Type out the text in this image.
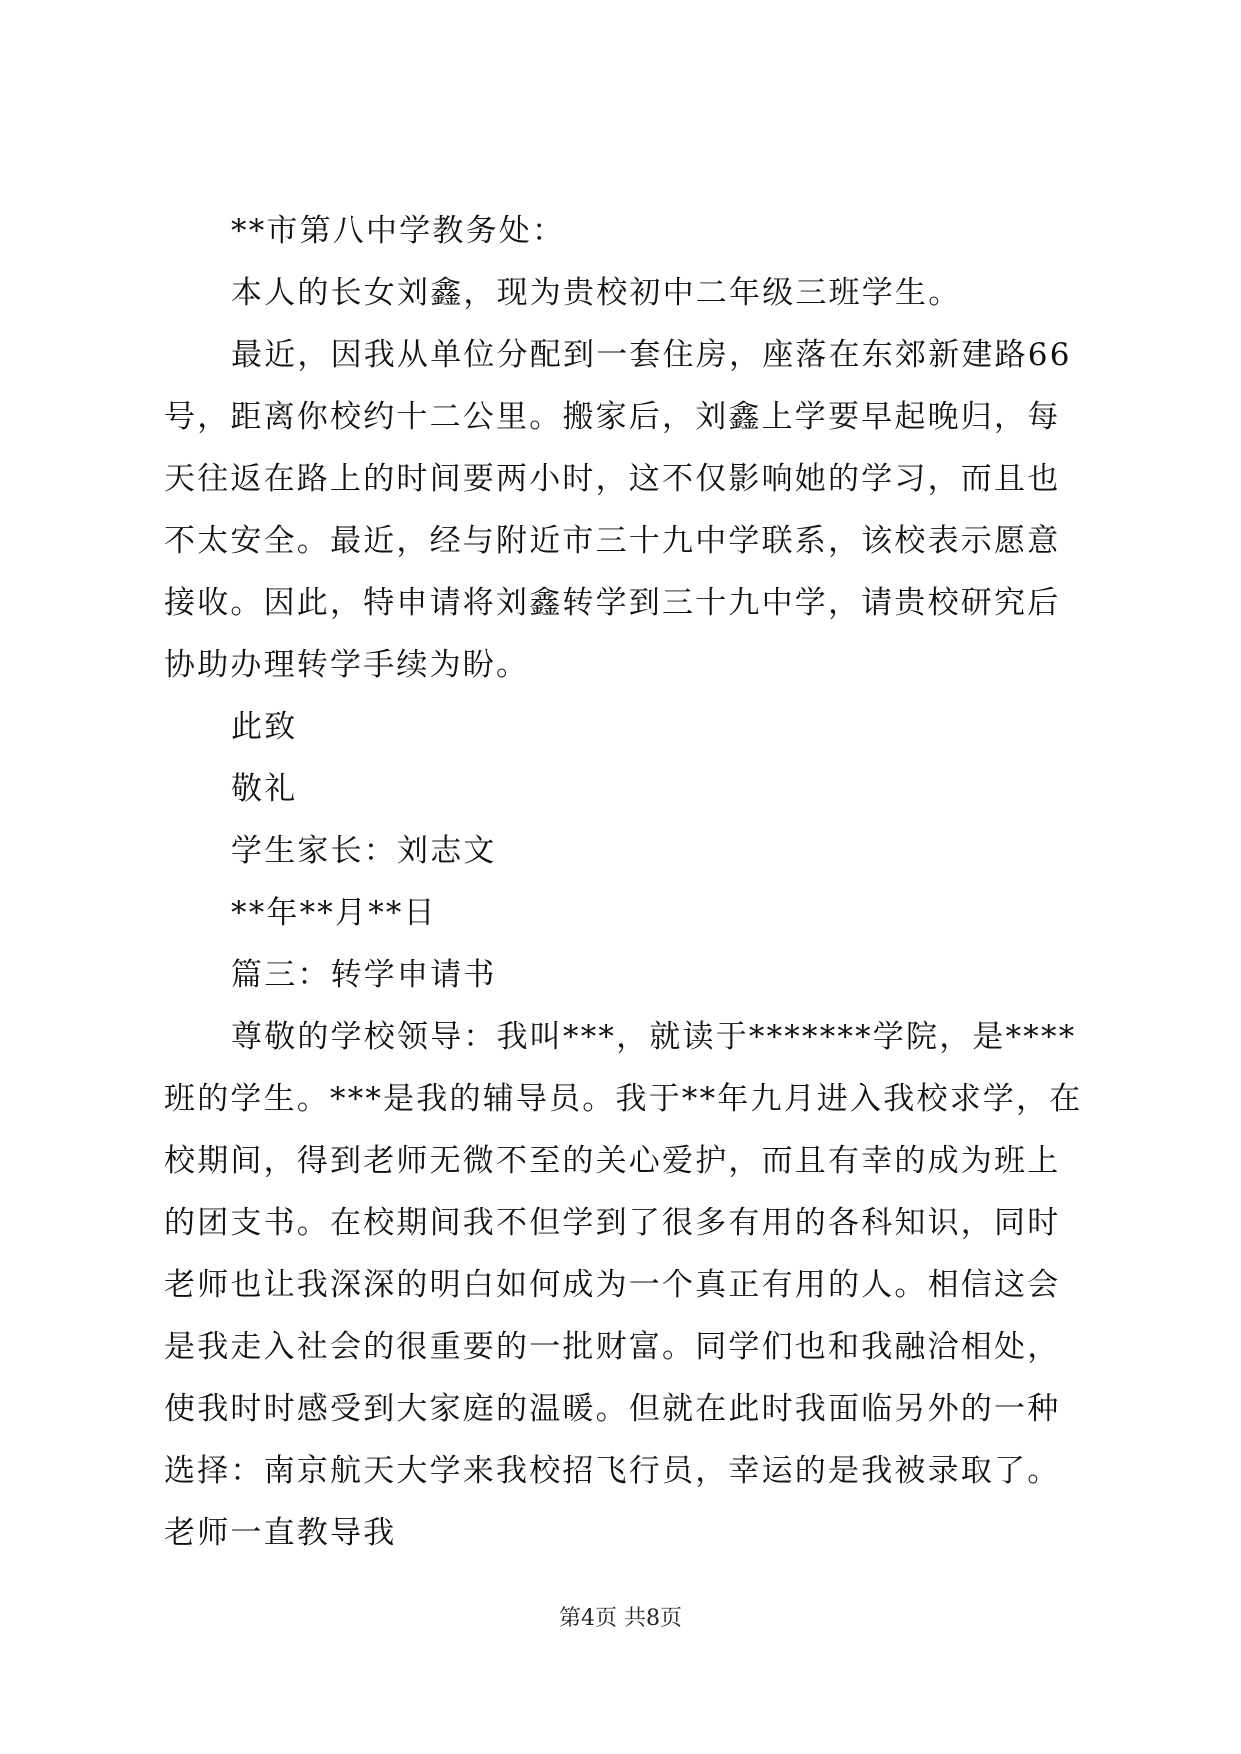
**市第八中学教务处：

本人的长女刘鑫，现为贵校初中二年级三班学生。

最近，因我从单位分配到一套住房，座落在东郊新建路66号，距离你校约十二公里。搬家后，刘鑫上学要早起晚归，每天往返在路上的时间要两小时，这不仅影响她的学习，而且也不太安全。最近，经与附近市三十九中学联系，该校表示愿意接收。因此，特申请将刘鑫转学到三十九中学，请贵校研究后协助办理转学手续为盼。

此致

敬礼

学生家长：刘志文

**年**月**日

篇三：转学申请书

尊敬的学校领导：我叫***，就读于*******学院，是****班的学生。***是我的辅导员。我于**年九月进入我校求学，在校期间，得到老师无微不至的关心爱护，而且有幸的成为班上的团支书。在校期间我不但学到了很多有用的各科知识，同时老师也让我深深的明白如何成为一个真正有用的人。相信这会是我走入社会的很重要的一批财富。同学们也和我融洽相处，使我时时感受到大家庭的温暖。但就在此时我面临另外的一种选择：南京航天大学来我校招飞行员，幸运的是我被录取了。老师一直教导我

第4页 共8页
